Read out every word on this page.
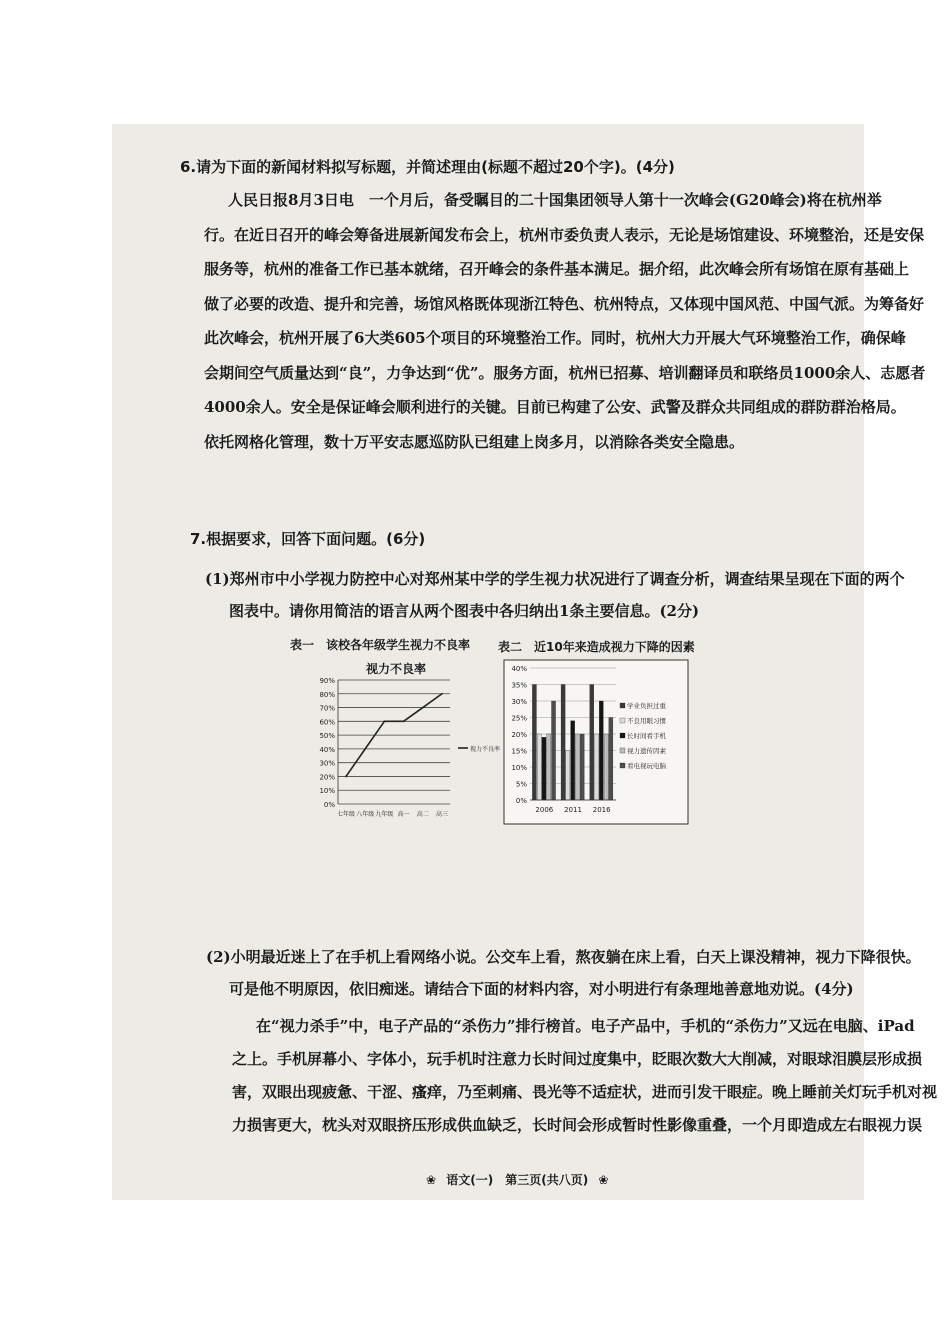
6.请为下面的新闻材料拟写标题，并简述理由(标题不超过20个字)。(4分)
人民日报8月3日电　一个月后，备受瞩目的二十国集团领导人第十一次峰会(G20峰会)将在杭州举
行。在近日召开的峰会筹备进展新闻发布会上，杭州市委负责人表示，无论是场馆建设、环境整治，还是安保
服务等，杭州的准备工作已基本就绪，召开峰会的条件基本满足。据介绍，此次峰会所有场馆在原有基础上
做了必要的改造、提升和完善，场馆风格既体现浙江特色、杭州特点，又体现中国风范、中国气派。为筹备好
此次峰会，杭州开展了6大类605个项目的环境整治工作。同时，杭州大力开展大气环境整治工作，确保峰
会期间空气质量达到“良”，力争达到“优”。服务方面，杭州已招募、培训翻译员和联络员1000余人、志愿者
4000余人。安全是保证峰会顺利进行的关键。目前已构建了公安、武警及群众共同组成的群防群治格局。
依托网格化管理，数十万平安志愿巡防队已组建上岗多月，以消除各类安全隐患。
7.根据要求，回答下面问题。(6分)
(1)郑州市中小学视力防控中心对郑州某中学的学生视力状况进行了调查分析，调查结果呈现在下面的两个
图表中。请你用简洁的语言从两个图表中各归纳出1条主要信息。(2分)
表一　该校各年级学生视力不良率
视力不良率
表二　近10年来造成视力下降的因素
0%
10%
20%
30%
40%
50%
60%
70%
80%
90%
七年级 八年级 九年级 高一 高二 高三
视力不良率
0%
5%
10%
15%
20%
25%
30%
35%
40%
2006 2011 2016
学业负担过重
不良用眼习惯
长时间看手机
视力遗传因素
看电视玩电脑
(2)小明最近迷上了在手机上看网络小说。公交车上看，熬夜躺在床上看，白天上课没精神，视力下降很快。
可是他不明原因，依旧痴迷。请结合下面的材料内容，对小明进行有条理地善意地劝说。(4分)
在“视力杀手”中，电子产品的“杀伤力”排行榜首。电子产品中，手机的“杀伤力”又远在电脑、iPad
之上。手机屏幕小、字体小，玩手机时注意力长时间过度集中，眨眼次数大大削减，对眼球泪膜层形成损
害，双眼出现疲惫、干涩、瘙痒，乃至刺痛、畏光等不适症状，进而引发干眼症。晚上睡前关灯玩手机对视
力损害更大，枕头对双眼挤压形成供血缺乏，长时间会形成暂时性影像重叠，一个月即造成左右眼视力误
❀ 语文(一)　第三页(共八页) ❀
